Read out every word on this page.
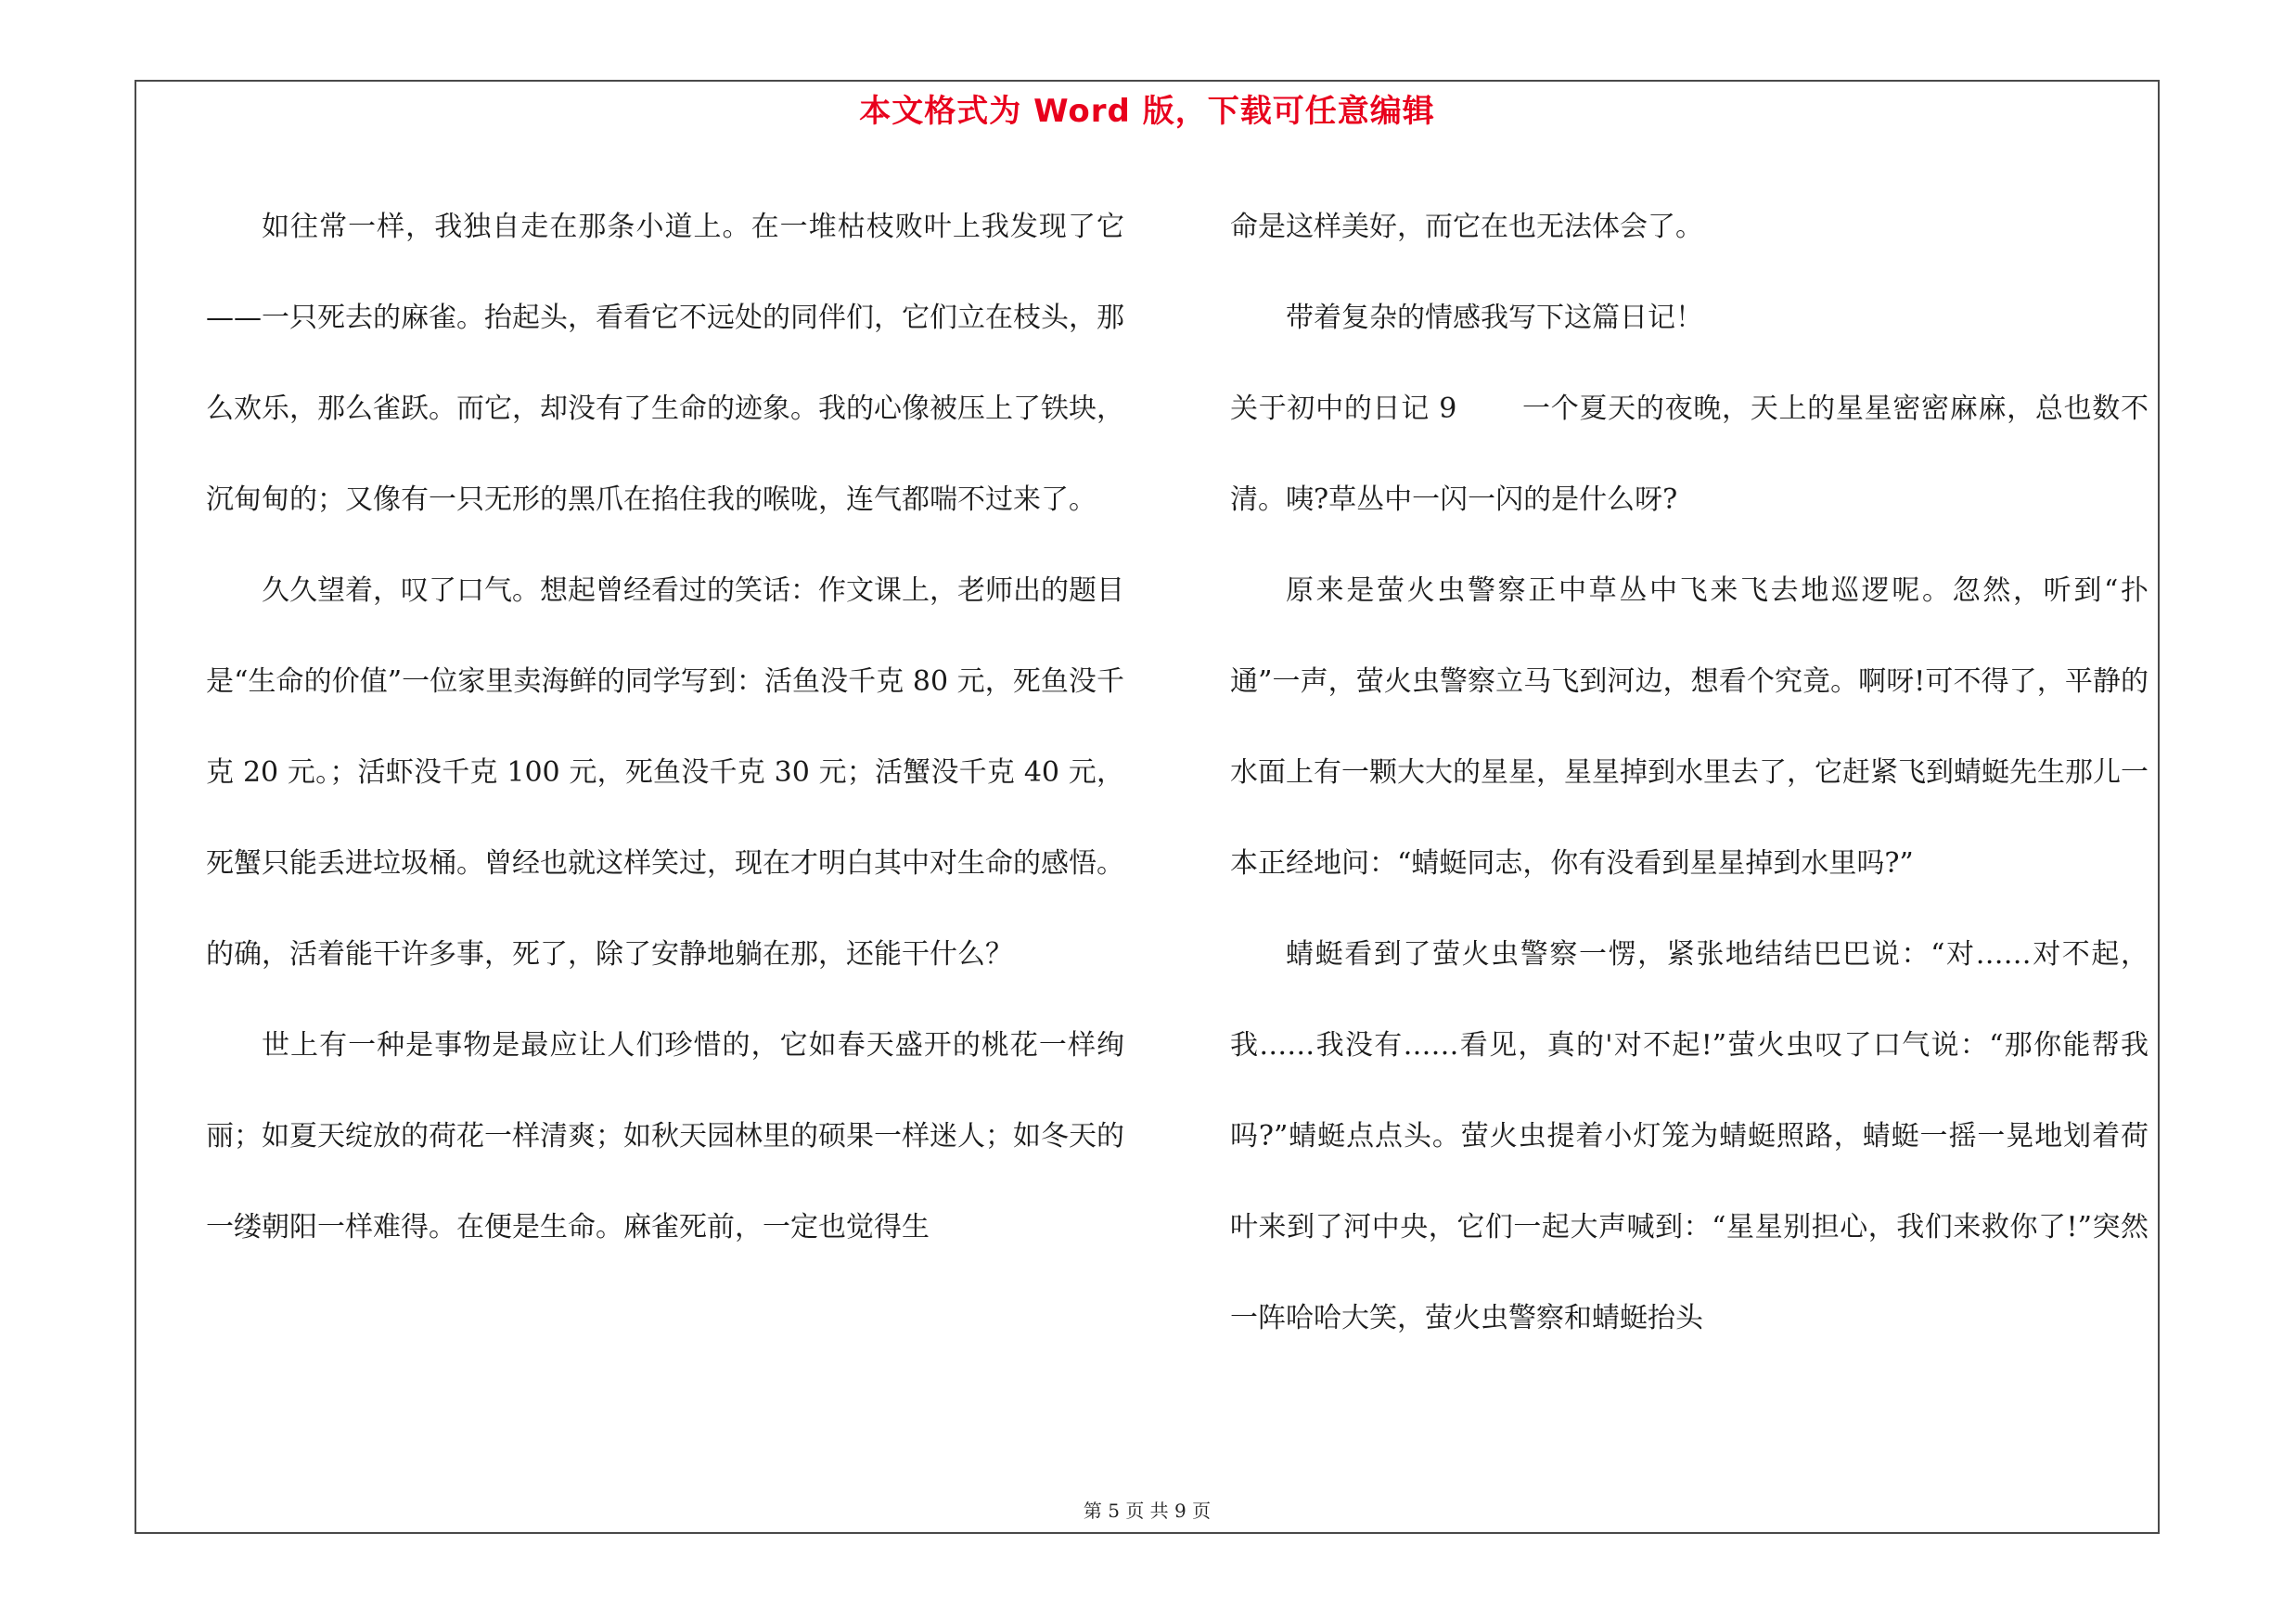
本文格式为 Word 版，下载可任意编辑

如往常一样，我独自走在那条小道上。在一堆枯枝败叶上我发现了它——一只死去的麻雀。抬起头，看看它不远处的同伴们，它们立在枝头，那么欢乐，那么雀跃。而它，却没有了生命的迹象。我的心像被压上了铁块，沉甸甸的；又像有一只无形的黑爪在掐住我的喉咙，连气都喘不过来了。

久久望着，叹了口气。想起曾经看过的笑话：作文课上，老师出的题目是“生命的价值”一位家里卖海鲜的同学写到：活鱼没千克 80 元，死鱼没千克 20 元。；活虾没千克 100 元，死鱼没千克 30 元；活蟹没千克 40 元，死蟹只能丢进垃圾桶。曾经也就这样笑过，现在才明白其中对生命的感悟。的确，活着能干许多事，死了，除了安静地躺在那，还能干什么？

世上有一种是事物是最应让人们珍惜的，它如春天盛开的桃花一样绚丽；如夏天绽放的荷花一样清爽；如秋天园林里的硕果一样迷人；如冬天的一缕朝阳一样难得。在便是生命。麻雀死前，一定也觉得生

命是这样美好，而它在也无法体会了。

带着复杂的情感我写下这篇日记！

关于初中的日记 9 一个夏天的夜晚，天上的星星密密麻麻，总也数不清。咦?草丛中一闪一闪的是什么呀?

原来是萤火虫警察正中草丛中飞来飞去地巡逻呢。忽然，听到“扑通”一声，萤火虫警察立马飞到河边，想看个究竟。啊呀!可不得了，平静的水面上有一颗大大的星星，星星掉到水里去了，它赶紧飞到蜻蜓先生那儿一本正经地问：“蜻蜓同志，你有没看到星星掉到水里吗?”

蜻蜓看到了萤火虫警察一愣，紧张地结结巴巴说：“对……对不起，我……我没有……看见，真的'对不起!”萤火虫叹了口气说：“那你能帮我吗?”蜻蜓点点头。萤火虫提着小灯笼为蜻蜓照路，蜻蜓一摇一晃地划着荷叶来到了河中央，它们一起大声喊到：“星星别担心，我们来救你了!”突然一阵哈哈大笑，萤火虫警察和蜻蜓抬头

第 5 页 共 9 页
